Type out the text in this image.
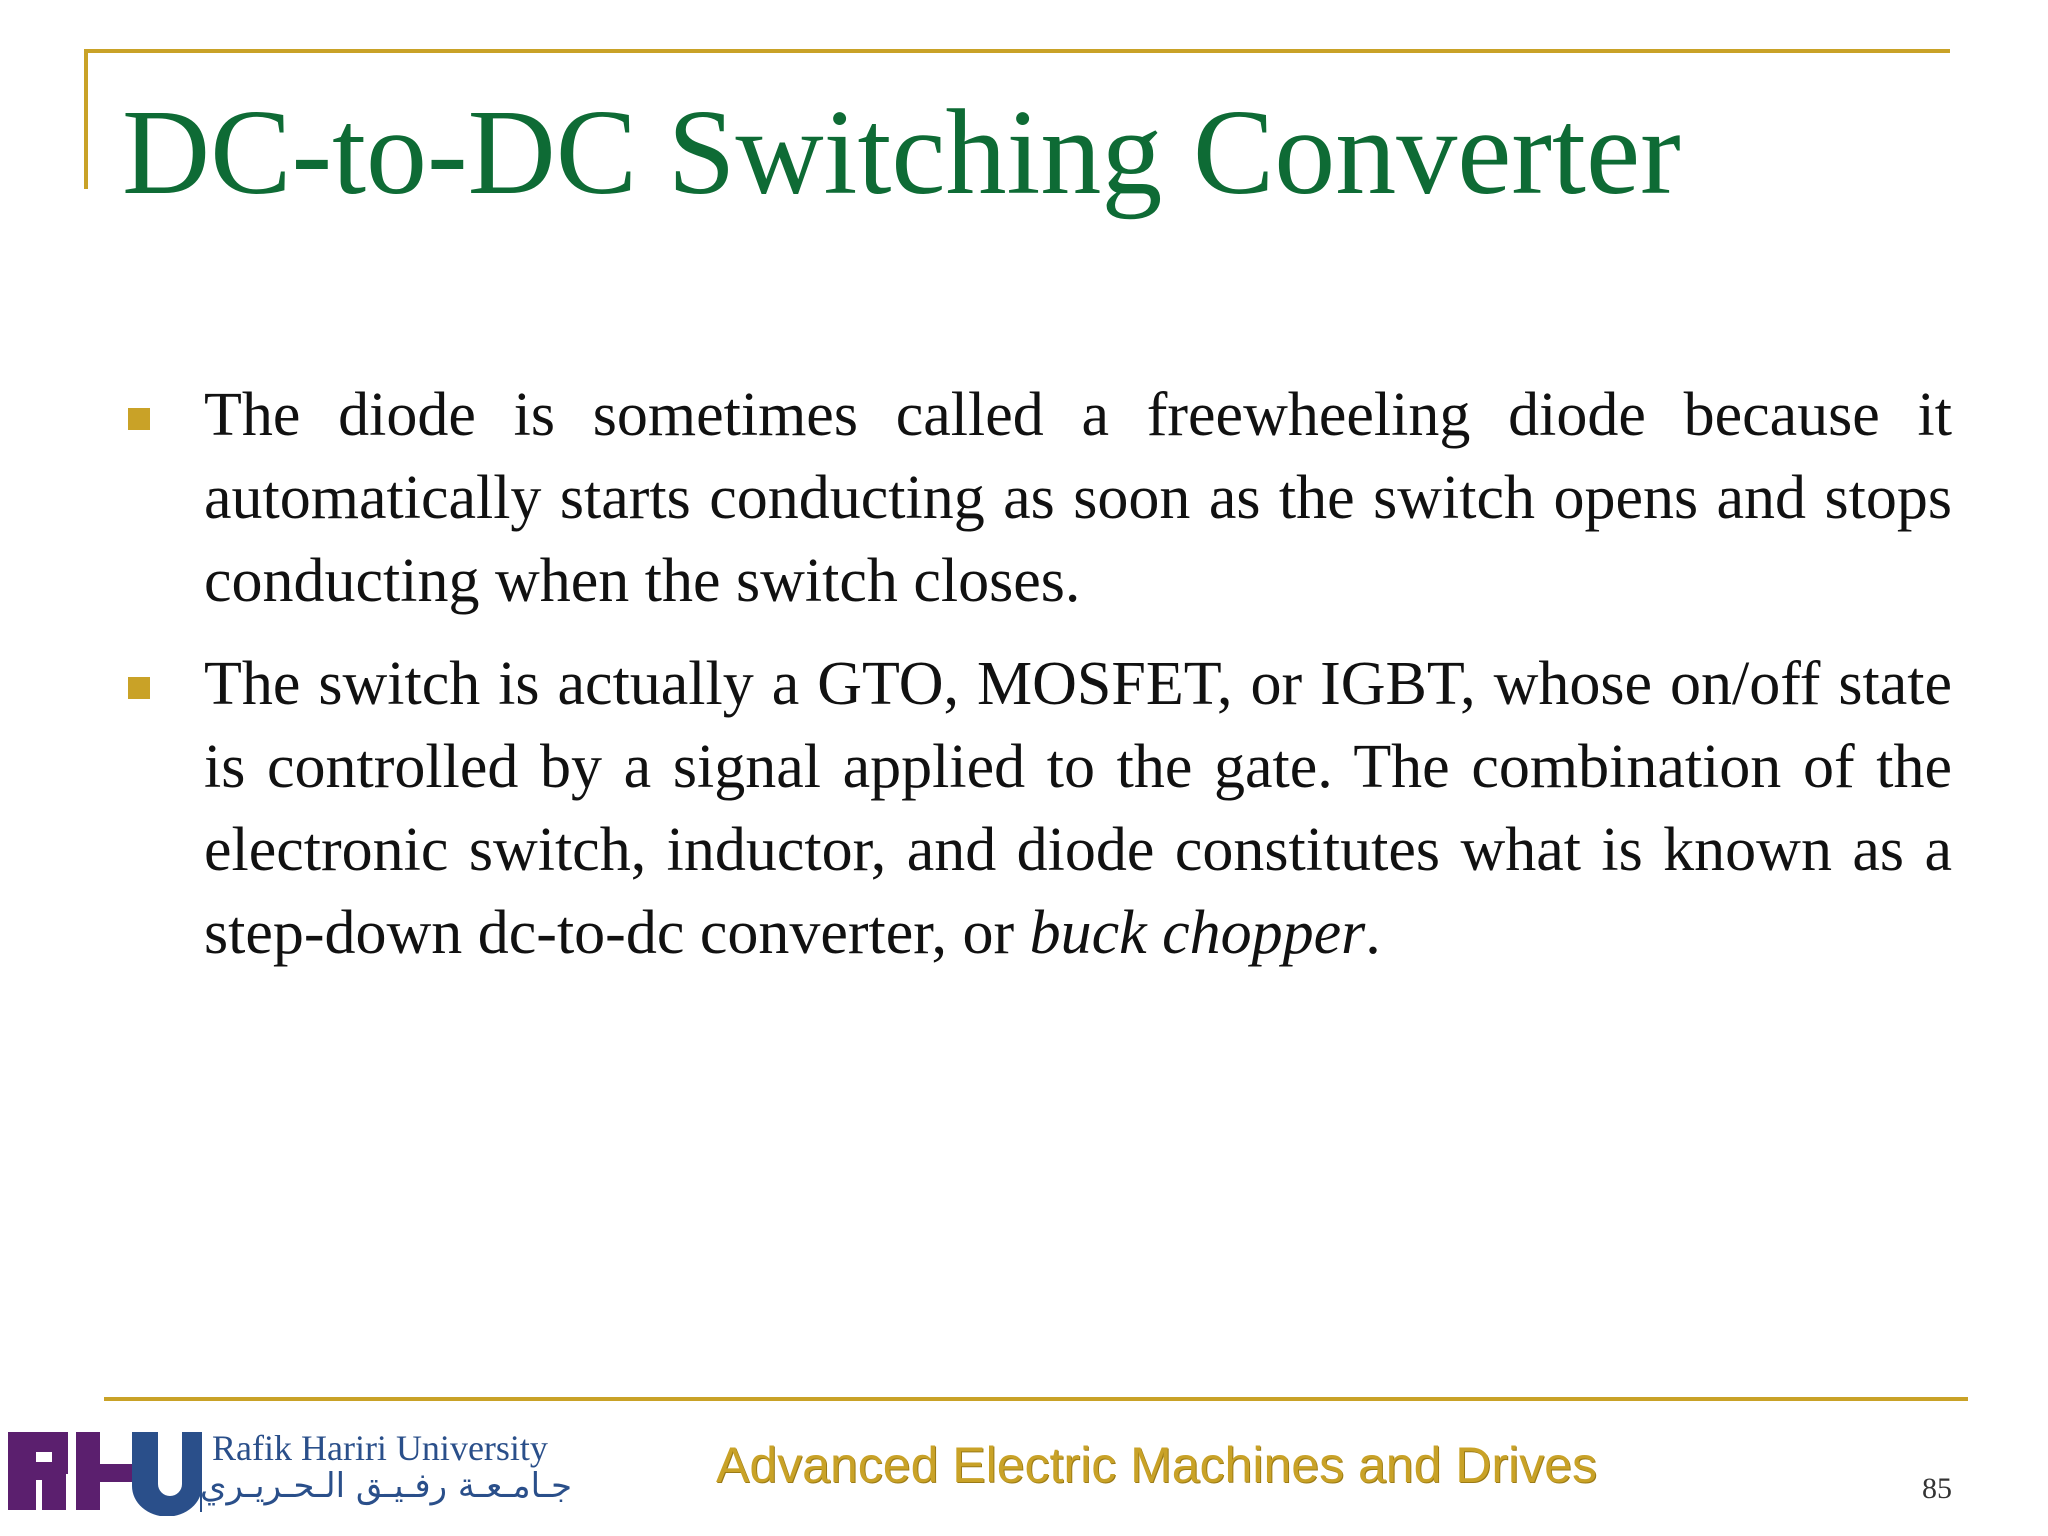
DC-to-DC Switching Converter
The diode is sometimes called a freewheeling diode because it automatically starts conducting as soon as the switch opens and stops conducting when the switch closes.
The switch is actually a GTO, MOSFET, or IGBT, whose on/off state is controlled by a signal applied to the gate. The combination of the electronic switch, inductor, and diode constitutes what is known as a step-down dc-to-dc converter, or buck chopper.
Rafik Hariri University
جـامـعـة رفـيـق الـحـريـري	Advanced Electric Machines and Drives	85
